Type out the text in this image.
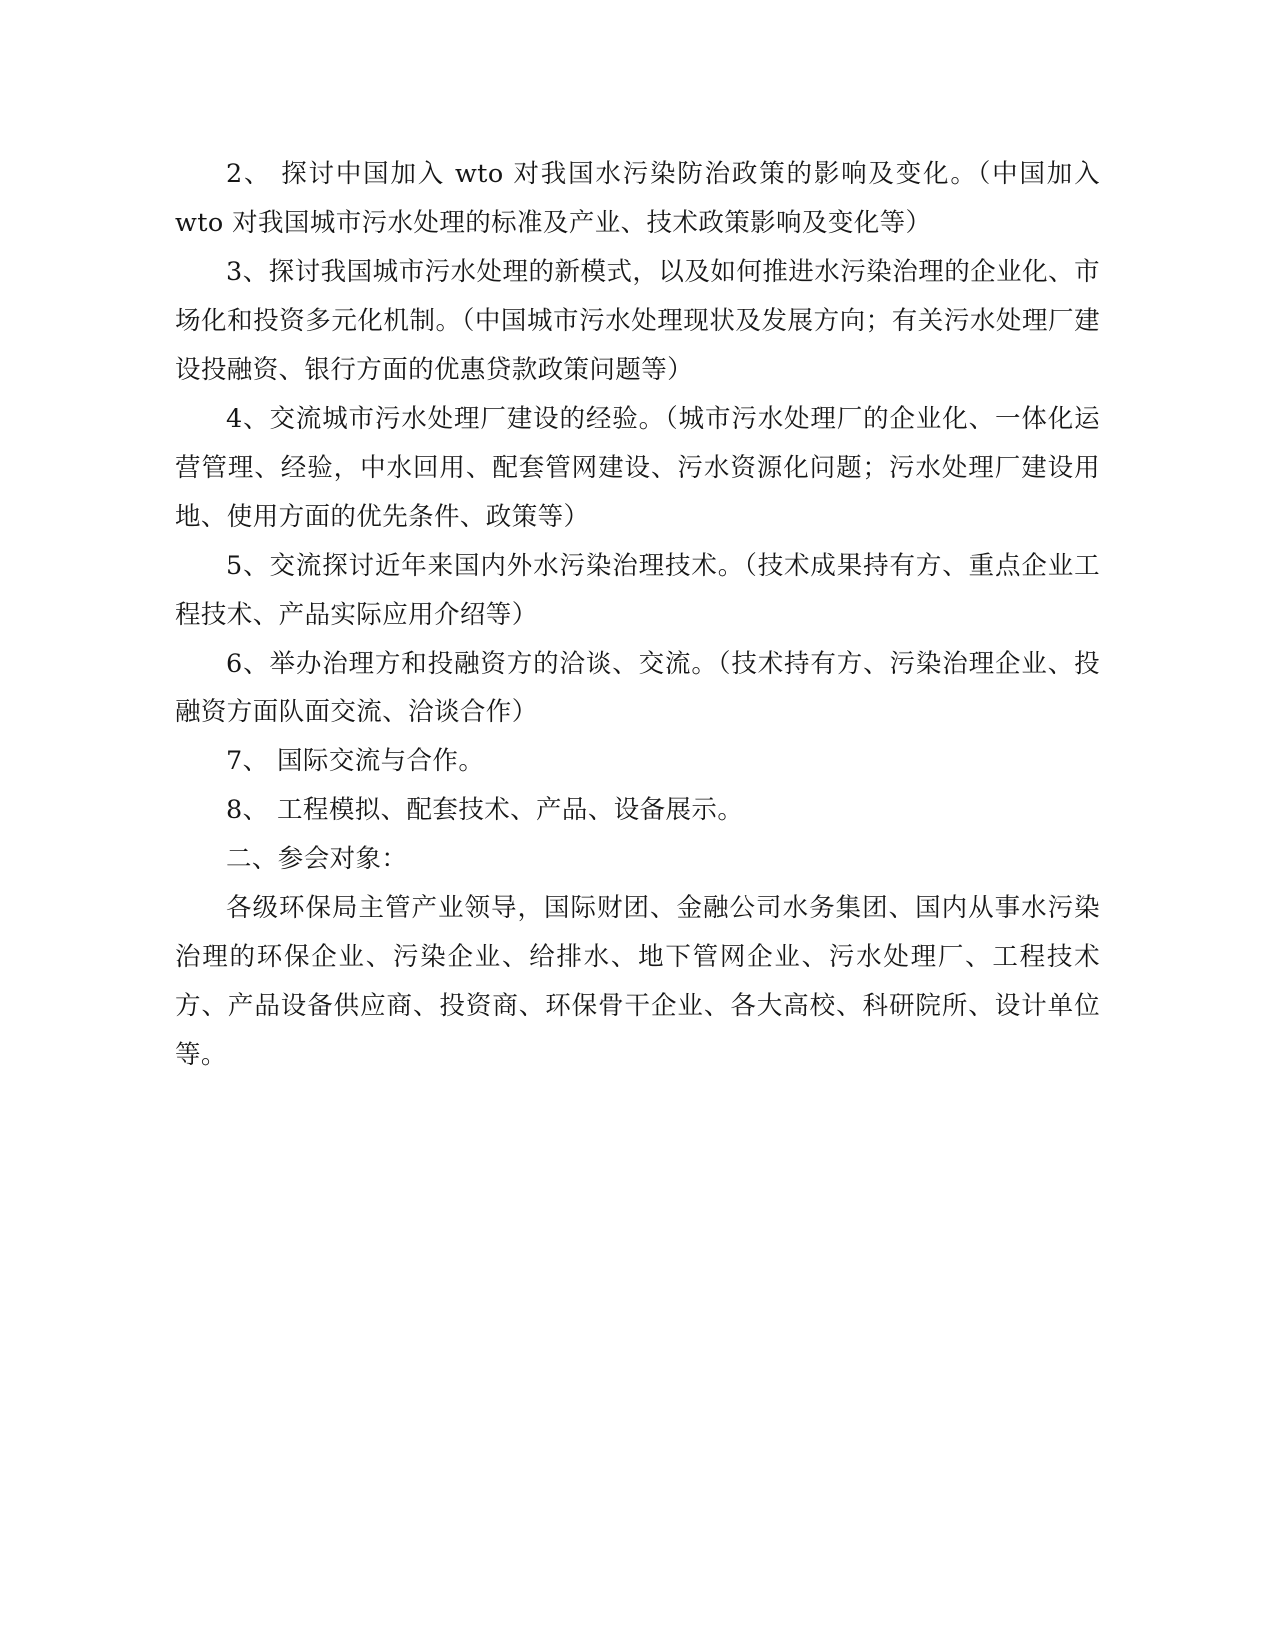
2、 探讨中国加入 wto 对我国水污染防治政策的影响及变化。（中国加入 wto 对我国城市污水处理的标准及产业、技术政策影响及变化等）

3、探讨我国城市污水处理的新模式，以及如何推进水污染治理的企业化、市场化和投资多元化机制。（中国城市污水处理现状及发展方向；有关污水处理厂建设投融资、银行方面的优惠贷款政策问题等）

4、交流城市污水处理厂建设的经验。（城市污水处理厂的企业化、一体化运营管理、经验，中水回用、配套管网建设、污水资源化问题；污水处理厂建设用地、使用方面的优先条件、政策等）

5、交流探讨近年来国内外水污染治理技术。（技术成果持有方、重点企业工程技术、产品实际应用介绍等）

6、举办治理方和投融资方的洽谈、交流。（技术持有方、污染治理企业、投融资方面队面交流、洽谈合作）

7、 国际交流与合作。

8、 工程模拟、配套技术、产品、设备展示。

二、参会对象：

各级环保局主管产业领导，国际财团、金融公司水务集团、国内从事水污染治理的环保企业、污染企业、给排水、地下管网企业、污水处理厂、工程技术方、产品设备供应商、投资商、环保骨干企业、各大高校、科研院所、设计单位等。
